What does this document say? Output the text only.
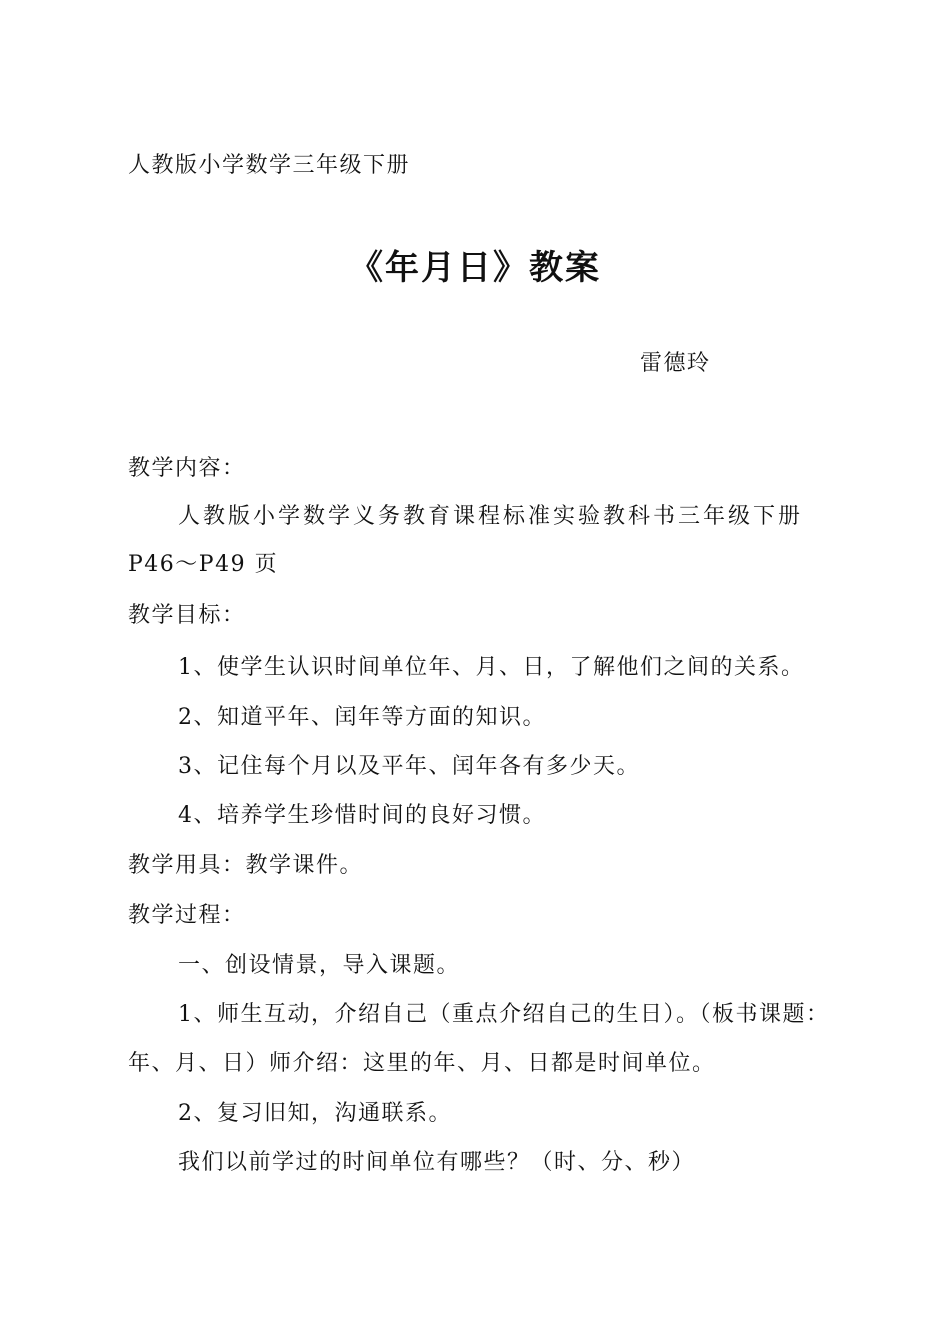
人教版小学数学三年级下册
《年月日》教案
雷德玲
教学内容：
人教版小学数学义务教育课程标准实验教科书三年级下册
P46～P49 页
教学目标：
1、使学生认识时间单位年、月、日，了解他们之间的关系。
2、知道平年、闰年等方面的知识。
3、记住每个月以及平年、闰年各有多少天。
4、培养学生珍惜时间的良好习惯。
教学用具：教学课件。
教学过程：
一、创设情景，导入课题。
1、师生互动，介绍自己（重点介绍自己的生日）。（板书课题：
年、月、日）师介绍：这里的年、月、日都是时间单位。
2、复习旧知，沟通联系。
我们以前学过的时间单位有哪些？（时、分、秒）
